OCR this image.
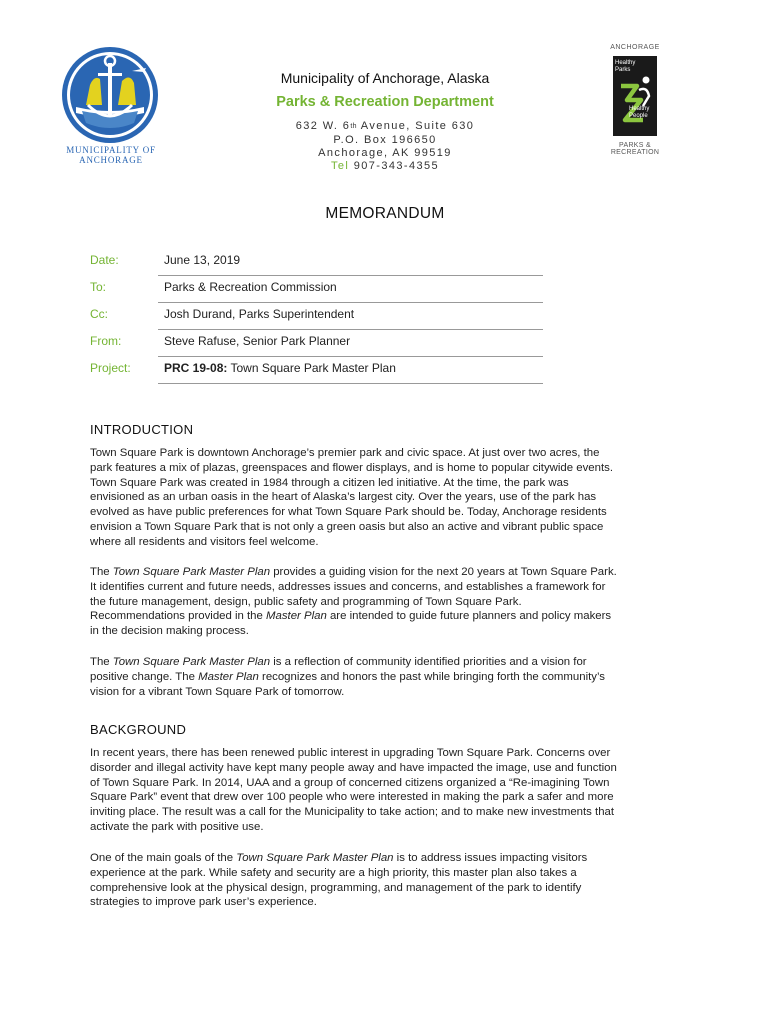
MUNICIPALITY OF
ANCHORAGE
Municipality of Anchorage, Alaska
Parks & Recreation Department
632 W. 6th Avenue, Suite 630
P.O. Box 196650
Anchorage, AK 99519
Tel 907-343-4355
ANCHORAGE
Healthy
Parks
Healthy
People
PARKS & RECREATION
MEMORANDUM
Date:	June 13, 2019
To:	Parks & Recreation Commission
Cc:	Josh Durand, Parks Superintendent
From:	Steve Rafuse, Senior Park Planner
Project:	PRC 19-08: Town Square Park Master Plan
INTRODUCTION
Town Square Park is downtown Anchorage’s premier park and civic space. At just over two acres, the
park features a mix of plazas, greenspaces and flower displays, and is home to popular citywide events.
Town Square Park was created in 1984 through a citizen led initiative. At the time, the park was
envisioned as an urban oasis in the heart of Alaska’s largest city. Over the years, use of the park has
evolved as have public preferences for what Town Square Park should be. Today, Anchorage residents
envision a Town Square Park that is not only a green oasis but also an active and vibrant public space
where all residents and visitors feel welcome.
The Town Square Park Master Plan provides a guiding vision for the next 20 years at Town Square Park.
It identifies current and future needs, addresses issues and concerns, and establishes a framework for
the future management, design, public safety and programming of Town Square Park.
Recommendations provided in the Master Plan are intended to guide future planners and policy makers
in the decision making process.
The Town Square Park Master Plan is a reflection of community identified priorities and a vision for
positive change. The Master Plan recognizes and honors the past while bringing forth the community’s
vision for a vibrant Town Square Park of tomorrow.
BACKGROUND
In recent years, there has been renewed public interest in upgrading Town Square Park. Concerns over
disorder and illegal activity have kept many people away and have impacted the image, use and function
of Town Square Park. In 2014, UAA and a group of concerned citizens organized a “Re-imagining Town
Square Park” event that drew over 100 people who were interested in making the park a safer and more
inviting place. The result was a call for the Municipality to take action; and to make new investments that
activate the park with positive use.
One of the main goals of the Town Square Park Master Plan is to address issues impacting visitors
experience at the park. While safety and security are a high priority, this master plan also takes a
comprehensive look at the physical design, programming, and management of the park to identify
strategies to improve park user’s experience.
